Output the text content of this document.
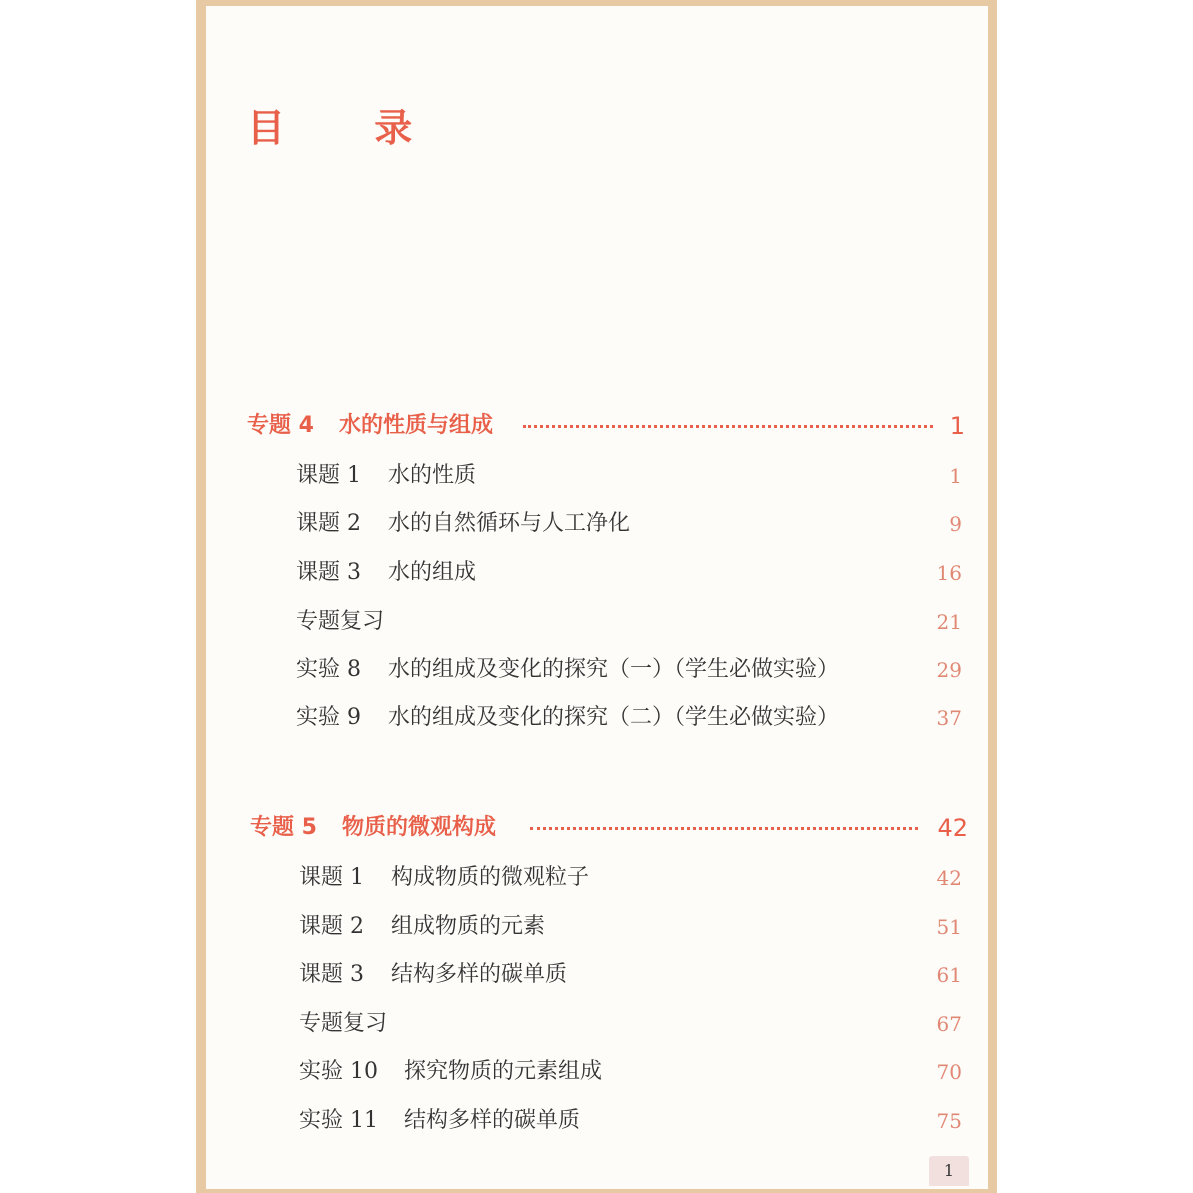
目 录
专题 4 水的性质与组成	1
课题 1 水的性质	1
课题 2 水的自然循环与人工净化	9
课题 3 水的组成	16
专题复习	21
实验 8 水的组成及变化的探究（一）（学生必做实验）	29
实验 9 水的组成及变化的探究（二）（学生必做实验）	37
专题 5 物质的微观构成	42
课题 1 构成物质的微观粒子	42
课题 2 组成物质的元素	51
课题 3 结构多样的碳单质	61
专题复习	67
实验 10 探究物质的元素组成	70
实验 11 结构多样的碳单质	75
1
